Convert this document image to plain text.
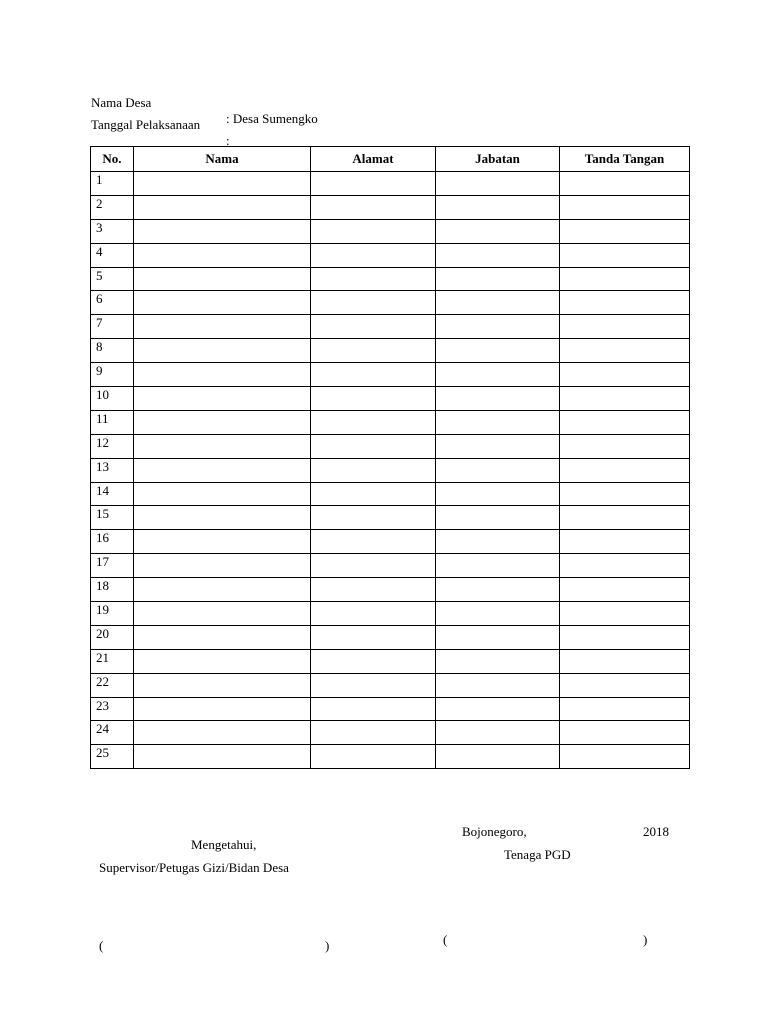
Nama Desa

: Desa Sumengko

Tanggal Pelaksanaan

:

No.	Nama	Alamat	Jabatan	Tanda Tangan
1				
2				
3				
4				
5				
6				
7				
8				
9				
10				
11				
12				
13				
14				
15				
16				
17				
18				
19				
20				
21				
22				
23				
24				
25				
Bojonegoro,	2018
Mengetahui,
Tenaga PGD
Supervisor/Petugas Gizi/Bidan Desa
(	)	(	)
